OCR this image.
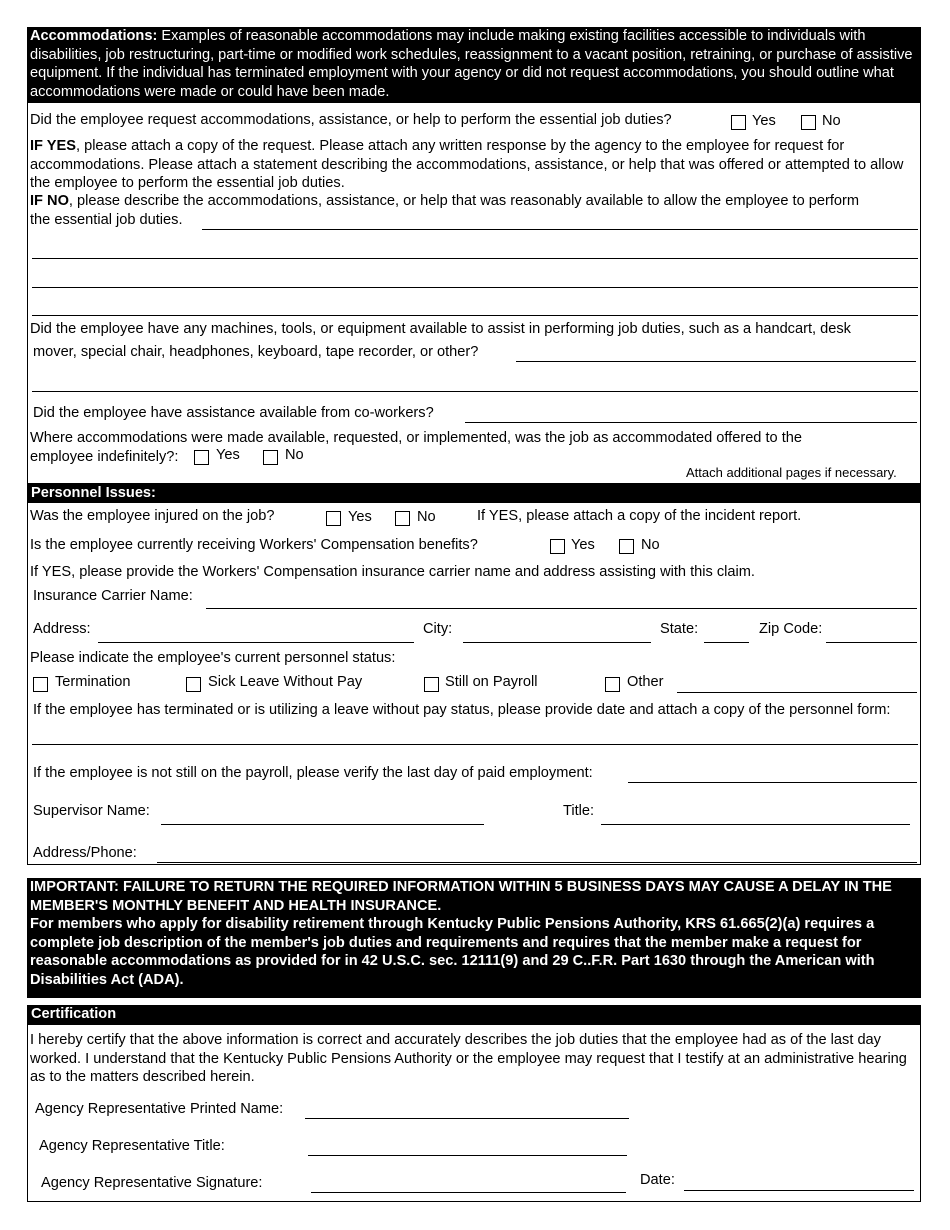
Accommodations: Examples of reasonable accommodations may include making existing facilities accessible to individuals with disabilities, job restructuring, part-time or modified work schedules, reassignment to a vacant position, retraining, or purchase of assistive equipment. If the individual has terminated employment with your agency or did not request accommodations, you should outline what accommodations were made or could have been made.
Did the employee request accommodations, assistance, or help to perform the essential job duties?	Yes	No
IF YES, please attach a copy of the request. Please attach any written response by the agency to the employee for request for accommodations. Please attach a statement describing the accommodations, assistance, or help that was offered or attempted to allow the employee to perform the essential job duties.
IF NO, please describe the accommodations, assistance, or help that was reasonably available to allow the employee to perform
the essential job duties.
Did the employee have any machines, tools, or equipment available to assist in performing job duties, such as a handcart, desk
mover, special chair, headphones, keyboard, tape recorder, or other?
Did the employee have assistance available from co-workers?
Where accommodations were made available, requested, or implemented, was the job as accommodated offered to the
employee indefinitely?:	Yes	No
Attach additional pages if necessary.
Personnel Issues:
Was the employee injured on the job?	Yes	No	If YES, please attach a copy of the incident report.
Is the employee currently receiving Workers' Compensation benefits?	Yes	No
If YES, please provide the Workers' Compensation insurance carrier name and address assisting with this claim.
Insurance Carrier Name:
Address:	City:	State:	Zip Code:
Please indicate the employee's current personnel status:
Termination	Sick Leave Without Pay	Still on Payroll	Other
If the employee has terminated or is utilizing a leave without pay status, please provide date and attach a copy of the personnel form:
If the employee is not still on the payroll, please verify the last day of paid employment:
Supervisor Name:	Title:
Address/Phone:
IMPORTANT: FAILURE TO RETURN THE REQUIRED INFORMATION WITHIN 5 BUSINESS DAYS MAY CAUSE A DELAY IN THE MEMBER'S MONTHLY BENEFIT AND HEALTH INSURANCE.
For members who apply for disability retirement through Kentucky Public Pensions Authority, KRS 61.665(2)(a) requires a complete job description of the member's job duties and requirements and requires that the member make a request for reasonable accommodations as provided for in 42 U.S.C. sec. 12111(9) and 29 C..F.R. Part 1630 through the American with Disabilities Act (ADA).
Certification
I hereby certify that the above information is correct and accurately describes the job duties that the employee had as of the last day worked. I understand that the Kentucky Public Pensions Authority or the employee may request that I testify at an administrative hearing as to the matters described herein.
Agency Representative Printed Name:
Agency Representative Title:
Agency Representative Signature:	Date:
